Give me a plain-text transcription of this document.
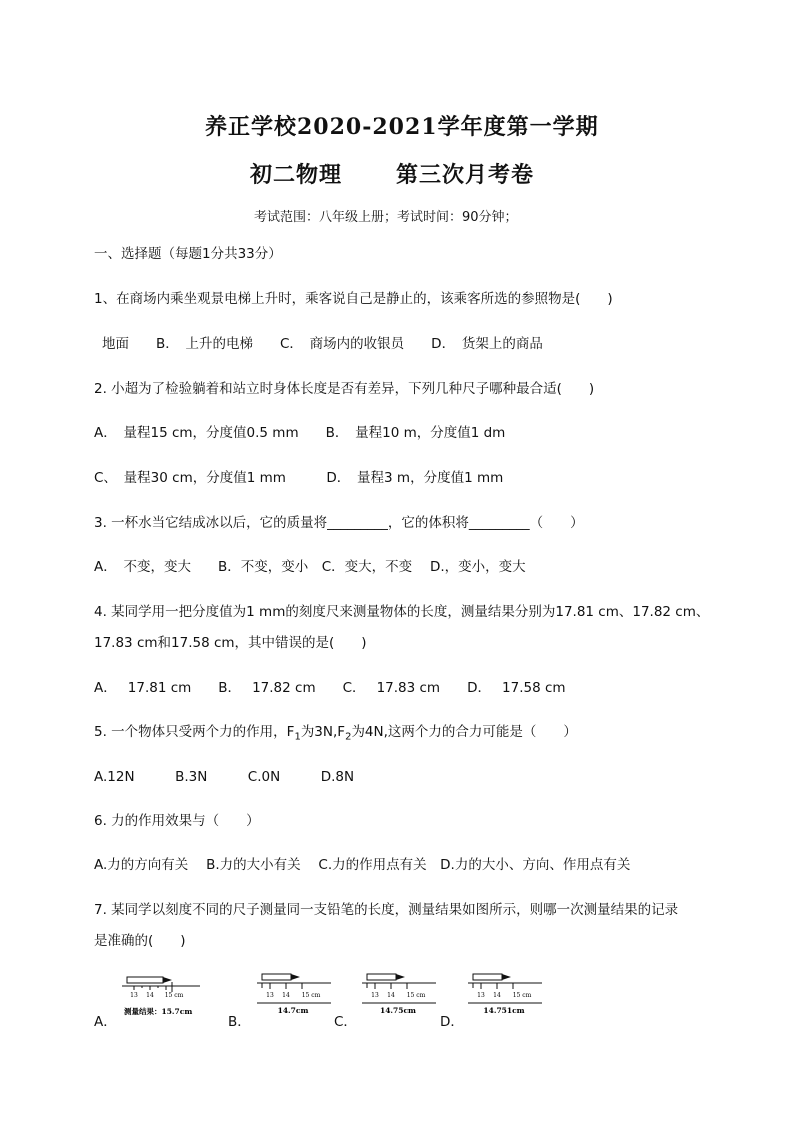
养正学校2020-2021学年度第一学期
初二物理 第三次月考卷
考试范围：八年级上册；考试时间：90分钟；
一、选择题（每题1分共33分）
1、在商场内乘坐观景电梯上升时，乘客说自己是静止的，该乘客所选的参照物是(　　)
地面　　B．　上升的电梯　　C．　商场内的收银员　　D．　货架上的商品
2. 小超为了检验躺着和站立时身体长度是否有差异，下列几种尺子哪种最合适(　　)
A．　量程15 cm，分度值0.5 mm　　B．　量程10 m，分度值1 dm
C、　量程30 cm，分度值1 mm　　　D．　量程3 m，分度值1 mm
3. 一杯水当它结成冰以后，它的质量将_________，它的体积将_________（　　）
A．　不变，变大　　B．不变，变小　C．变大，不变　 D.，变小，变大
4. 某同学用一把分度值为1 mm的刻度尺来测量物体的长度，测量结果分别为17.81 cm、17.82 cm、
17.83 cm和17.58 cm，其中错误的是(　　)
A．　 17.81 cm　　B．　 17.82 cm　　C．　 17.83 cm　　D．　 17.58 cm
5. 一个物体只受两个力的作用，$F_1$为$3N,F_2$为4N,这两个力的合力可能是（　　）
A.12N　　　B.3N　　　C.0N　　　D.8N
6. 力的作用效果与（　　）
A.力的方向有关　 B.力的大小有关　 C.力的作用点有关　D.力的大小、方向、作用点有关
7. 某同学以刻度不同的尺子测量同一支铅笔的长度，测量结果如图所示，则哪一次测量结果的记录
是准确的(　　)
A．
13 14 15 cm
测量结果：15.7cm
B．
13 14 15 cm
14.7cm
C．
13 14 15 cm
14.75cm
D．
13 14 15 cm
14.751cm
